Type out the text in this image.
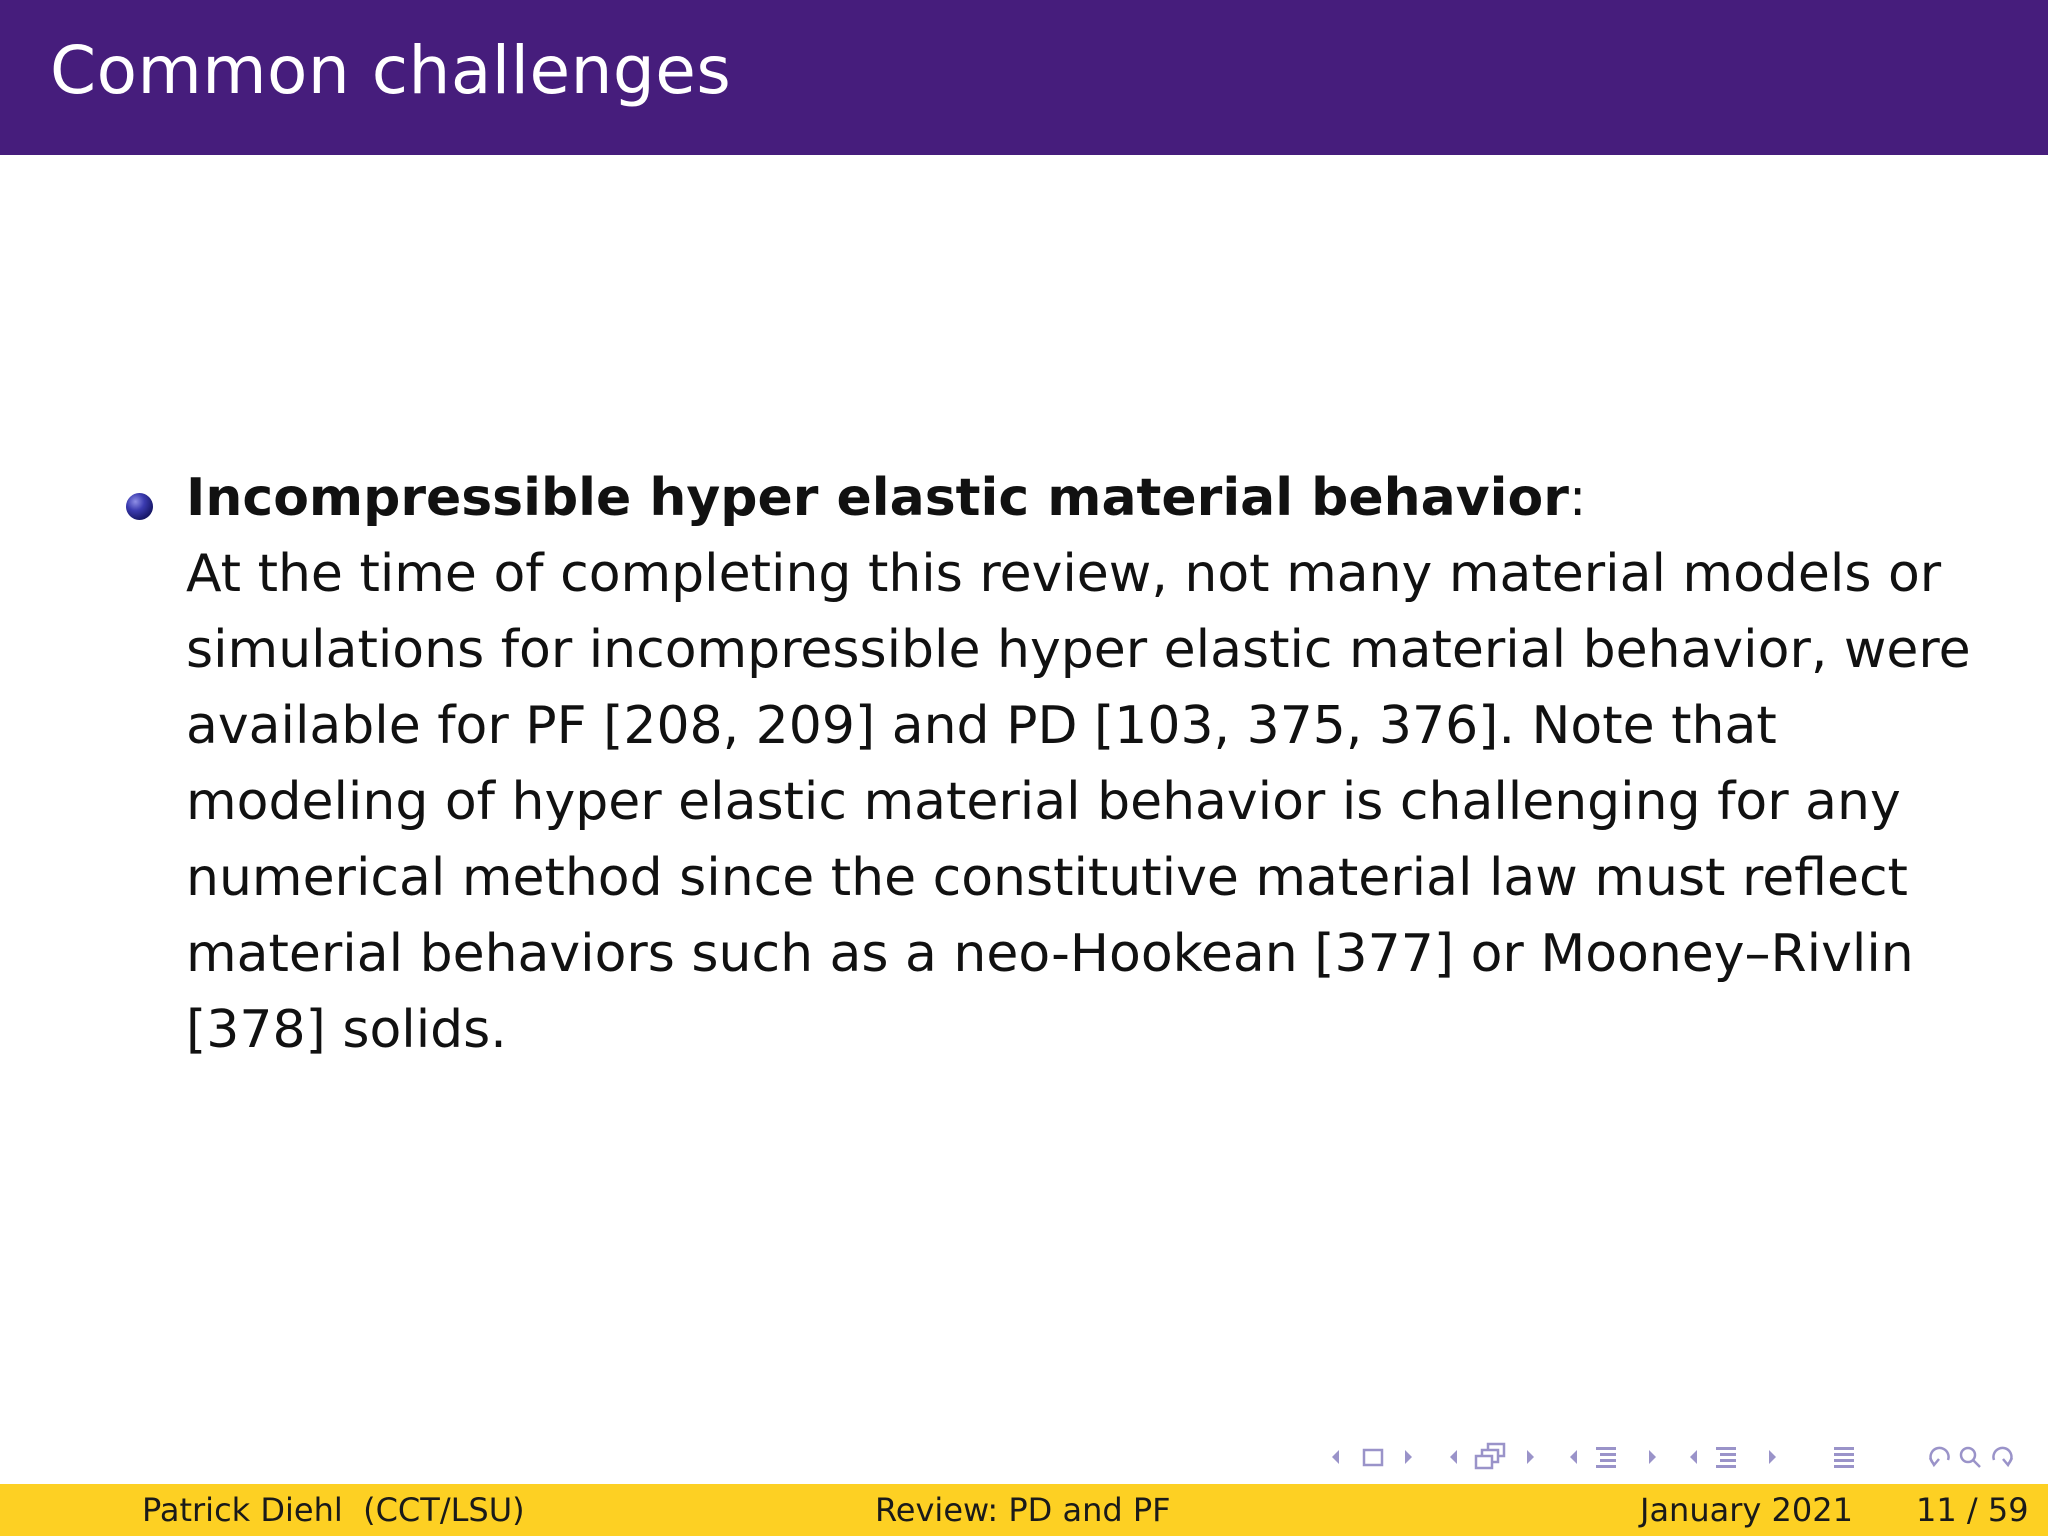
Common challenges
Incompressible hyper elastic material behavior:
At the time of completing this review, not many material models or
simulations for incompressible hyper elastic material behavior, were
available for PF [208, 209] and PD [103, 375, 376]. Note that
modeling of hyper elastic material behavior is challenging for any
numerical method since the constitutive material law must reflect
material behaviors such as a neo-Hookean [377] or Mooney–Rivlin
[378] solids.
Patrick Diehl  (CCT/LSU)	Review: PD and PF	January 2021 11 / 59
